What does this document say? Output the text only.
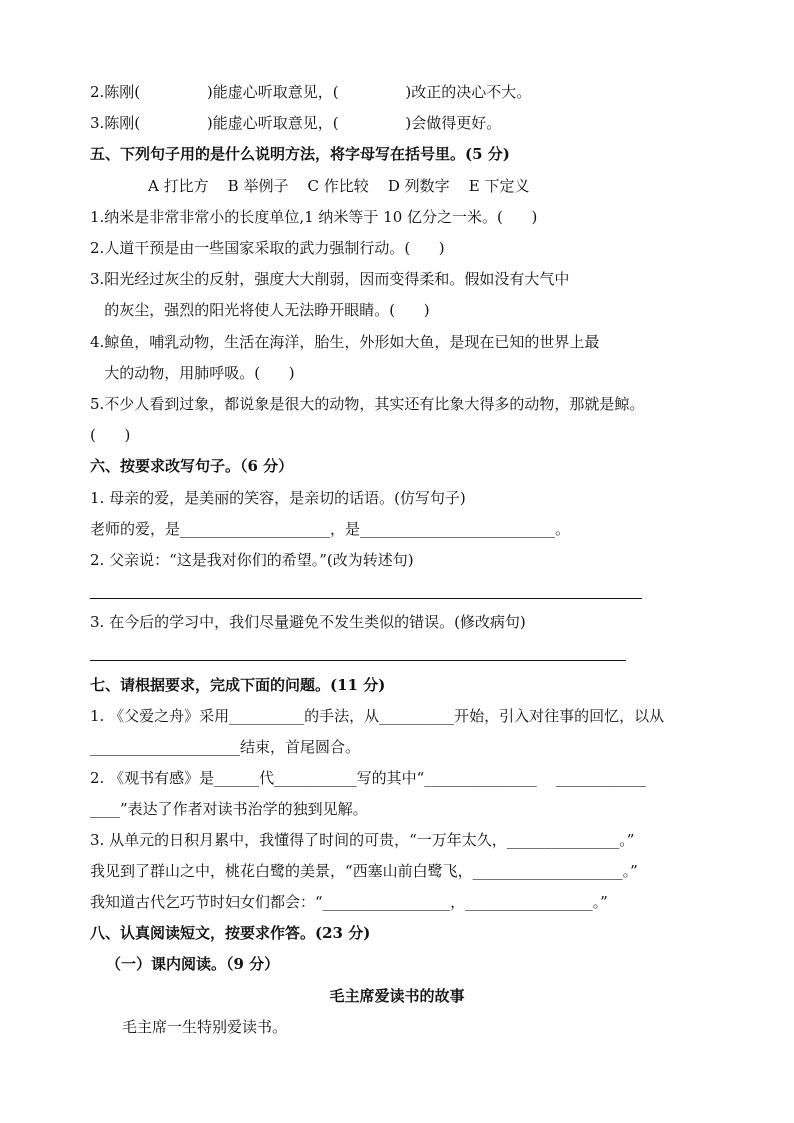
2.陈刚(              )能虚心听取意见，(              )改正的决心不大。
3.陈刚(              )能虚心听取意见，(              )会做得更好。
五、下列句子用的是什么说明方法，将字母写在括号里。(5 分)
A 打比方    B 举例子    C 作比较    D 列数字    E 下定义
1.纳米是非常非常小的长度单位,1 纳米等于 10 亿分之一米。(      )
2.人道干预是由一些国家采取的武力强制行动。(      )
3.阳光经过灰尘的反射，强度大大削弱，因而变得柔和。假如没有大气中
的灰尘，强烈的阳光将使人无法睁开眼睛。(      )
4.鲸鱼，哺乳动物，生活在海洋，胎生，外形如大鱼，是现在已知的世界上最
大的动物，用肺呼吸。(      )
5.不少人看到过象，都说象是很大的动物，其实还有比象大得多的动物，那就是鲸。
(      )
六、按要求改写句子。（6 分）
1. 母亲的爱，是美丽的笑容，是亲切的话语。(仿写句子)
老师的爱，是____________________，是__________________________。
2. 父亲说：“这是我对你们的希望。”(改为转述句)
3. 在今后的学习中，我们尽量避免不发生类似的错误。(修改病句)
七、请根据要求，完成下面的问题。(11 分)
1. 《父爱之舟》采用__________的手法，从__________开始，引入对往事的回忆，以从
____________________结束，首尾圆合。
2. 《观书有感》是______代___________写的其中“_______________    ____________
____”表达了作者对读书治学的独到见解。
3. 从单元的日积月累中，我懂得了时间的可贵，“一万年太久，_______________。”
我见到了群山之中，桃花白鹭的美景，“西塞山前白鹭飞，____________________。”
我知道古代乞巧节时妇女们都会：“_________________，_________________。”
八、认真阅读短文，按要求作答。(23 分)
（一）课内阅读。（9 分）
毛主席爱读书的故事
毛主席一生特别爱读书。
